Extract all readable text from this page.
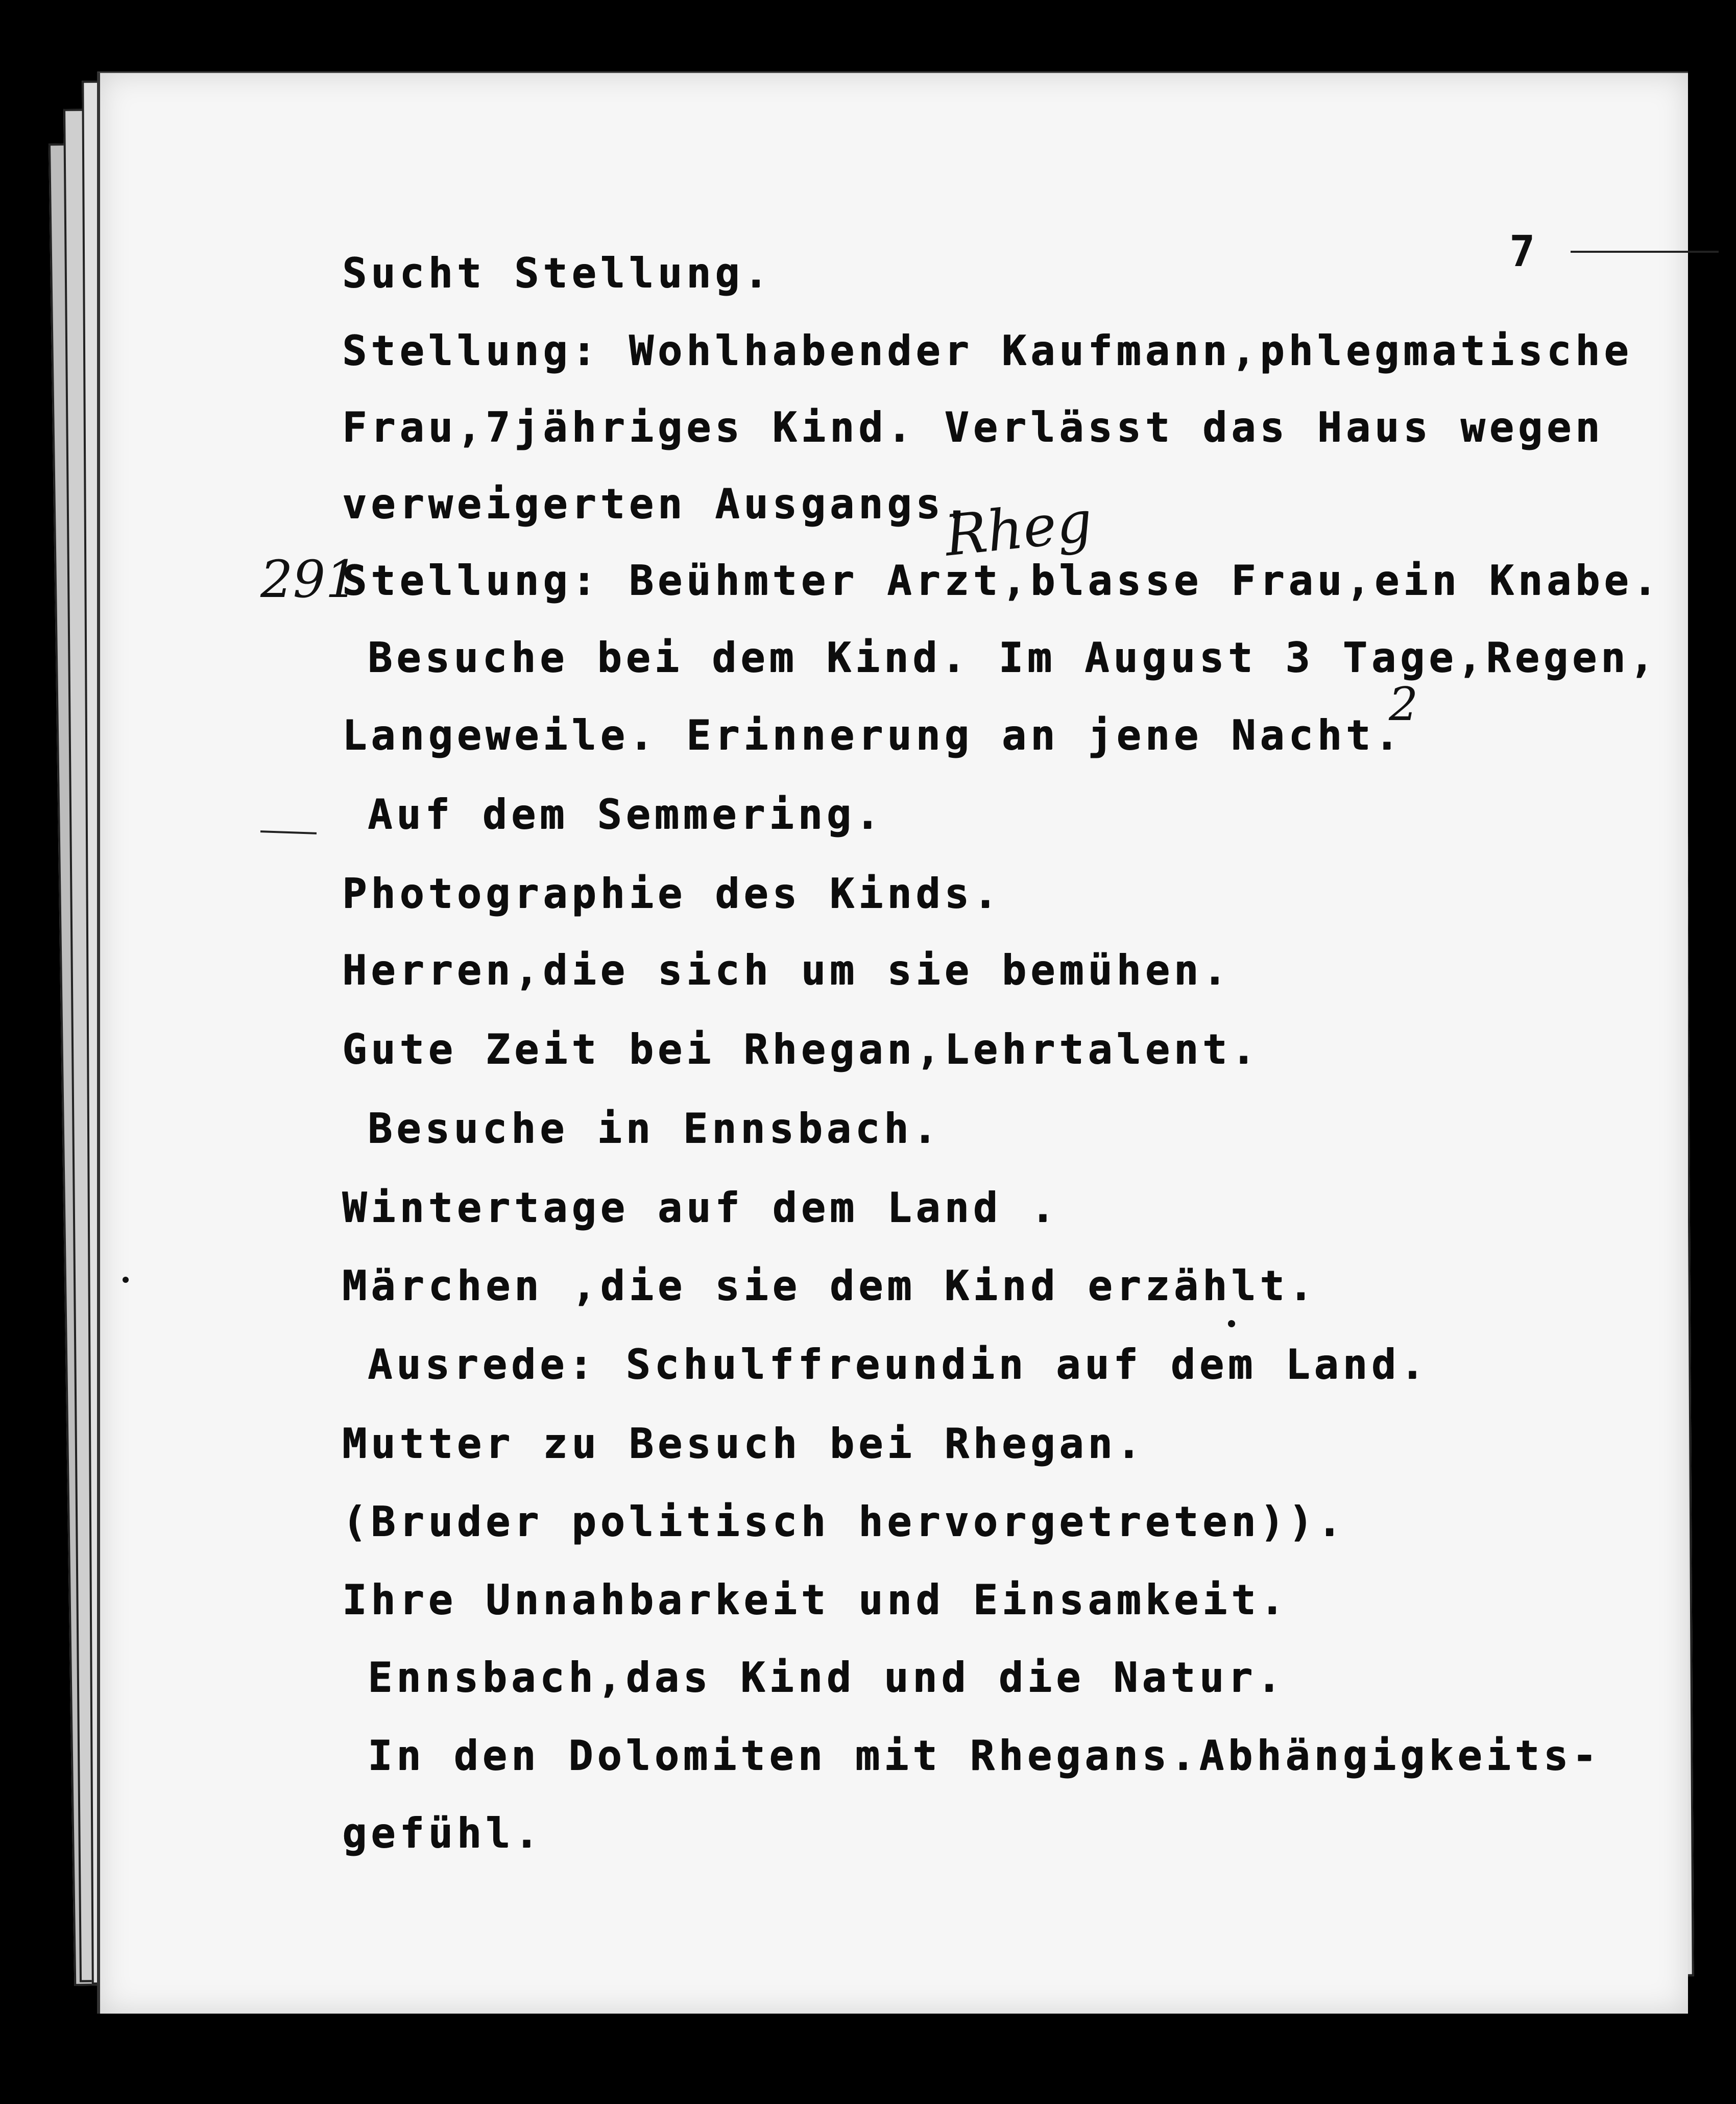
7
Rheg
291
2
Sucht Stellung.
Stellung: Wohlhabender Kaufmann,phlegmatische
Frau,7jähriges Kind. Verlässt das Haus wegen
verweigerten Ausgangs.
Stellung: Beühmter Arzt,blasse Frau,ein Knabe.
Besuche bei dem Kind. Im August 3 Tage,Regen,
Langeweile. Erinnerung an jene Nacht.
Auf dem Semmering.
Photographie des Kinds.
Herren,die sich um sie bemühen.
Gute Zeit bei Rhegan,Lehrtalent.
Besuche in Ennsbach.
Wintertage auf dem Land .
Märchen ,die sie dem Kind erzählt.
Ausrede: Schulffreundin auf dem Land.
Mutter zu Besuch bei Rhegan.
(Bruder politisch hervorgetreten)).
Ihre Unnahbarkeit und Einsamkeit.
Ennsbach,das Kind und die Natur.
In den Dolomiten mit Rhegans.Abhängigkeits-
gefühl.
